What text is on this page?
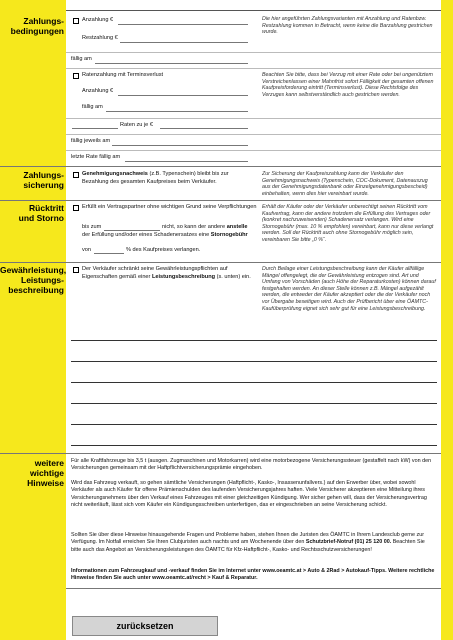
Zahlungs-
bedingungen
Zahlungs-
sicherung
Rücktritt
und Storno
Gewährleistung,
Leistungs-
beschreibung
weitere
wichtige
Hinweise
Anzahlung €
Restzahlung €
Die hier angeführten Zahlungsvarianten mit Anzahlung und Ratenbzw. Restzahlung kommen in Betracht, wenn keine die Barzahlung gestrichen wurde.
fällig am
Ratenzahlung mit Terminsverlust
Anzahlung €
fällig am
Beachten Sie bitte, dass bei Verzug mit einer Rate oder bei ungenütztem Verstreichenlassen einer Mahnfrist sofort Fälligkeit der gesamten offenen Kaufpreisforderung eintritt (Terminsverlust). Diese Rechtsfolge des Verzuges kann selbstverständlich auch gestrichen werden.
Raten zu je €
fällig jeweils am
letzte Rate fällig am
Genehmigungsnachweis (z.B. Typenschein) bleibt bis zur
Bezahlung des gesamten Kaufpreises beim Verkäufer.
Zur Sicherung der Kaufpreiszahlung kann der Verkäufer den Genehmigungsnachweis (Typenschein, COC-Dokument, Datenauszug aus der Genehmigungsdatenbank oder Einzelgenehmigungsbescheid) einbehalten, wenn dies hier vereinbart wurde.
Erfüllt ein Vertragspartner ohne wichtigen Grund seine Verpflichtungen
bis zum	nicht, so kann der andere anstelle
der Erfüllung und/oder eines Schadenersatzes eine Stornogebühr
von	% des Kaufpreises verlangen.
Erhält der Käufer oder der Verkäufer unberechtigt seinen Rücktritt vom Kaufvertrag, kann der andere trotzdem die Erfüllung des Vertrages oder (konkret nachzuweisenden) Schadenersatz verlangen. Wird eine Stornogebühr (max. 10 % empfohlen) vereinbart, kann nur diese verlangt werden. Soll der Rücktritt auch ohne Stornogebühr möglich sein, vereinbaren Sie bitte „0 %“.
Der Verkäufer schränkt seine Gewährleistungspflichten auf
Eigenschaften gemäß einer Leistungsbeschreibung (s. unten) ein.
Durch Beilage einer Leistungsbeschreibung kann der Käufer allfällige Mängel offengelegt, die der Gewährleistung entzogen sind. Art und Umfang von Vorschäden (auch Höhe der Reparaturkosten) können darauf festgehalten werden. An dieser Stelle können z.B. Mängel aufgezählt werden, die entweder der Käufer akzeptiert oder die der Verkäufer noch vor Übergabe beseitigen wird. Auch der Prüfbericht über eine ÖAMTC-Kaufüberprüfung eignet sich sehr gut für eine Leistungsbeschreibung.
Für alle Kraftfahrzeuge bis 3,5 t (ausgen. Zugmaschinen und Motorkarren) wird eine motorbezogene Versicherungssteuer (gestaffelt nach kW) von den Versicherungen gemeinsam mit der Haftpflichtversicherungsprämie eingehoben.
Wird das Fahrzeug verkauft, so gehen sämtliche Versicherungen (Haftpflicht-, Kasko-, Insassenunfallvers.) auf den Erwerber über, wobei sowohl Verkäufer als auch Käufer für offene Prämienschulden des laufenden Versicherungsjahres haften. Viele Versicherer akzeptieren eine Mitteilung ihres Versicherungsnehmers über den Verkauf eines Fahrzeuges mit einer gleichzeitigen Kündigung. Wer sicher gehen will, dass der Versicherungsvertrag nicht weiterläuft, lässt sich vom Käufer ein Kündigungsschreiben unterfertigen, das er eingeschrieben an seine Versicherung schickt.
Sollten Sie über diese Hinweise hinausgehende Fragen und Probleme haben, stehen Ihnen die Juristen des ÖAMTC in Ihrem Landesclub gerne zur Verfügung. Im Notfall erreichen Sie Ihren Clubjuristen auch nachts und am Wochenende über den Schutzbrief-Notruf (01) 25 120 00. Beachten Sie bitte auch das Angebot an Versicherungsleistungen des ÖAMTC für Kfz-Haftpflicht-, Kasko- und Rechtsschutzversicherungen!
Informationen zum Fahrzeugkauf und -verkauf finden Sie im Internet unter www.oeamtc.at > Auto & 2Rad > Autokauf-Tipps. Weitere rechtliche Hinweise finden Sie auch unter www.oeamtc.at/recht > Kauf & Reparatur.
zurücksetzen
